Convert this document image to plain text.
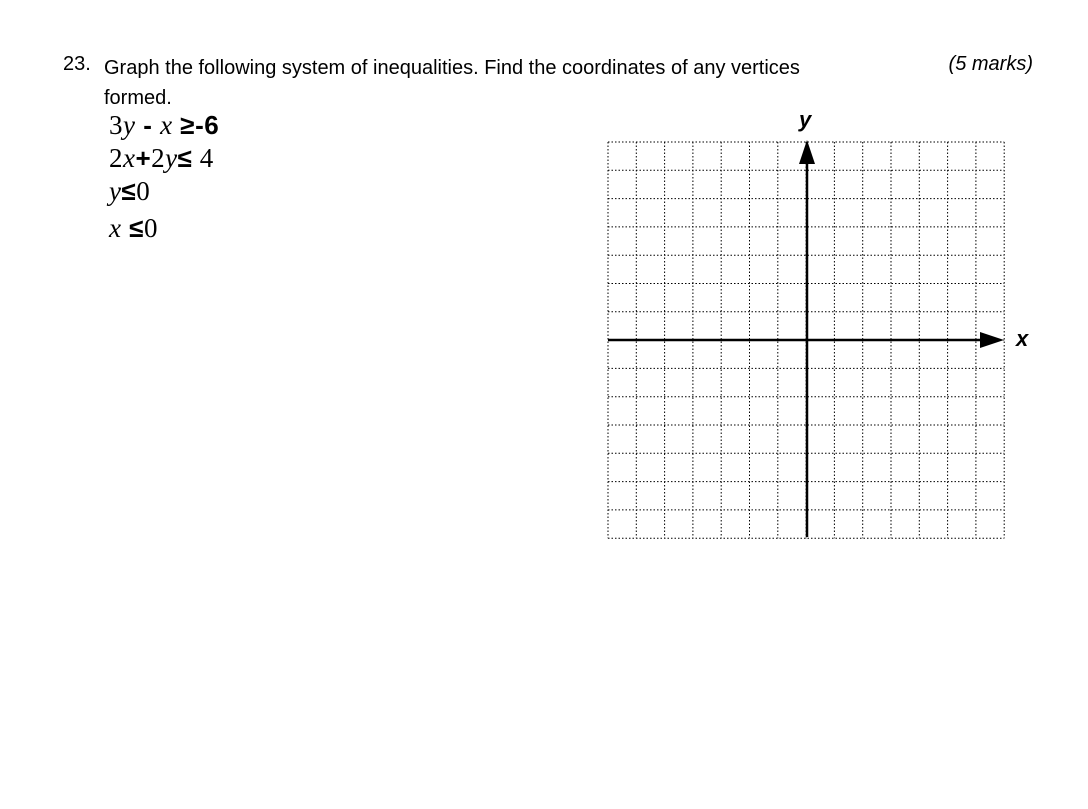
23. Graph the following system of inequalities. Find the coordinates of any vertices formed.
(5 marks)
3y - x ≥-6
2x+2y≤ 4
y≤0
x ≤0
x
y
